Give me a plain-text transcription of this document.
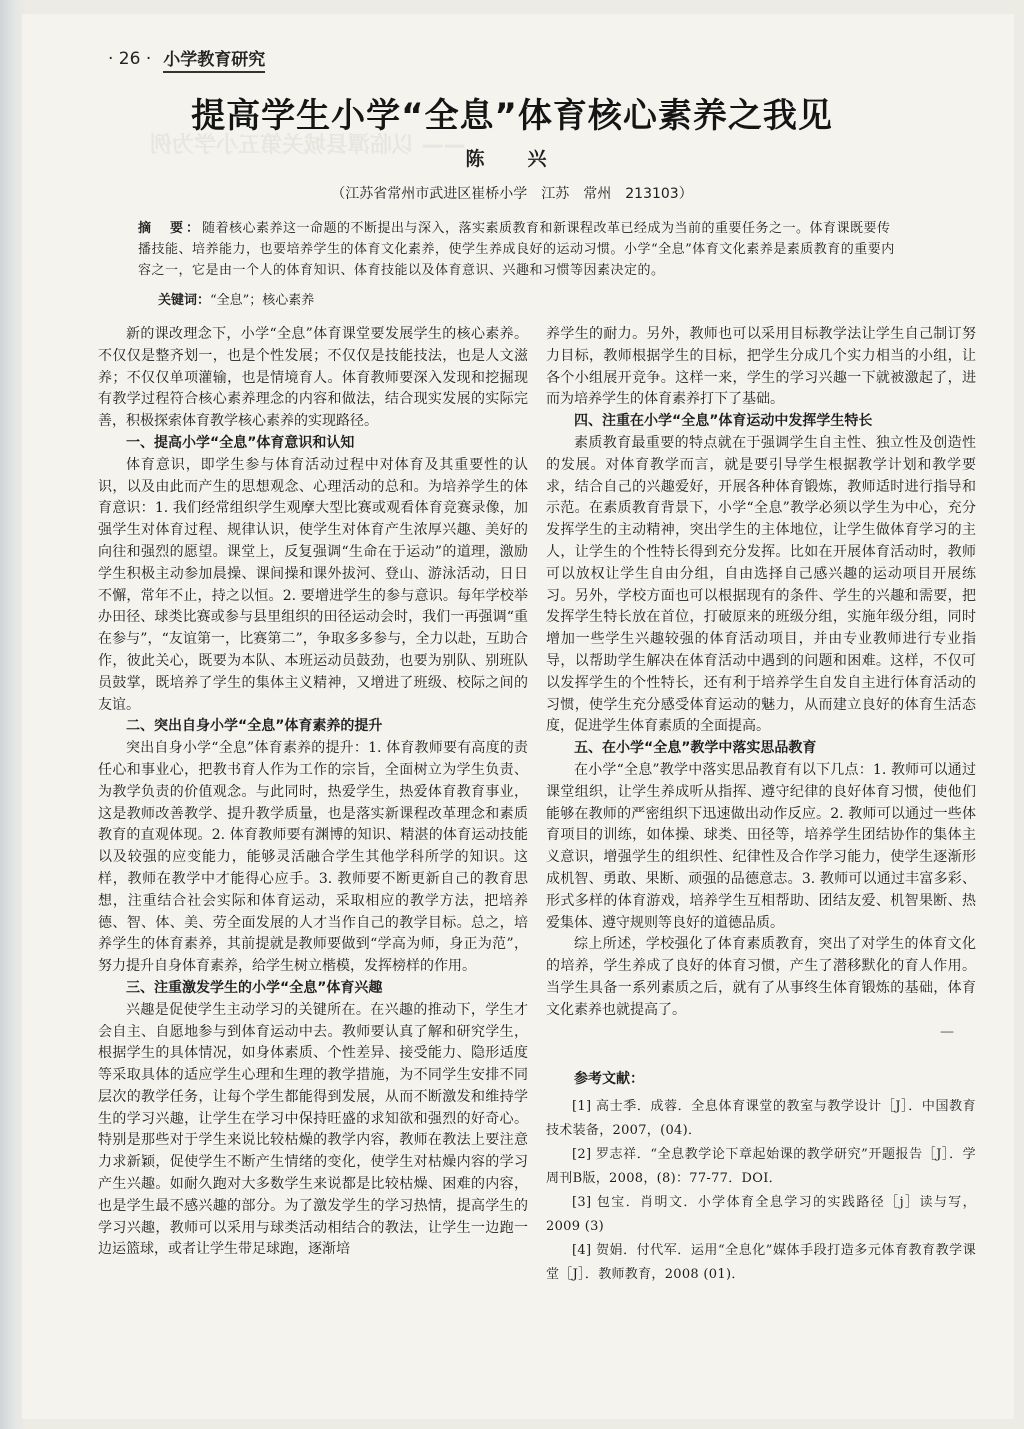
· 26 · 小学教育研究
提高学生小学“全息”体育核心素养之我见
陈　兴
（江苏省常州市武进区崔桥小学　江苏　常州　213103）
摘　要：随着核心素养这一命题的不断提出与深入，落实素质教育和新课程改革已经成为当前的重要任务之一。体育课既要传播技能、培养能力，也要培养学生的体育文化素养，使学生养成良好的运动习惯。小学“全息”体育文化素养是素质教育的重要内容之一，它是由一个人的体育知识、体育技能以及体育意识、兴趣和习惯等因素决定的。
关键词：“全息”；核心素养

新的课改理念下，小学“全息”体育课堂要发展学生的核心素养。不仅仅是整齐划一，也是个性发展；不仅仅是技能技法，也是人文滋养；不仅仅单项灌输，也是情境育人。体育教师要深入发现和挖掘现有教学过程符合核心素养理念的内容和做法，结合现实发展的实际完善，积极探索体育教学核心素养的实现路径。

一、提高小学“全息”体育意识和认知

体育意识，即学生参与体育活动过程中对体育及其重要性的认识，以及由此而产生的思想观念、心理活动的总和。为培养学生的体育意识：1. 我们经常组织学生观摩大型比赛或观看体育竞赛录像，加强学生对体育过程、规律认识，使学生对体育产生浓厚兴趣、美好的向往和强烈的愿望。课堂上，反复强调“生命在于运动”的道理，激励学生积极主动参加晨操、课间操和课外拔河、登山、游泳活动，日日不懈，常年不止，持之以恒。2. 要增进学生的参与意识。每年学校举办田径、球类比赛或参与县里组织的田径运动会时，我们一再强调“重在参与”，“友谊第一，比赛第二”，争取多多参与，全力以赴，互助合作，彼此关心，既要为本队、本班运动员鼓劲，也要为别队、别班队员鼓掌，既培养了学生的集体主义精神，又增进了班级、校际之间的友谊。

二、突出自身小学“全息”体育素养的提升

突出自身小学“全息”体育素养的提升：1. 体育教师要有高度的责任心和事业心，把教书育人作为工作的宗旨，全面树立为学生负责、为教学负责的价值观念。与此同时，热爱学生，热爱体育教育事业，这是教师改善教学、提升教学质量，也是落实新课程改革理念和素质教育的直观体现。2. 体育教师要有渊博的知识、精湛的体育运动技能以及较强的应变能力，能够灵活融合学生其他学科所学的知识。这样，教师在教学中才能得心应手。3. 教师要不断更新自己的教育思想，注重结合社会实际和体育运动，采取相应的教学方法，把培养德、智、体、美、劳全面发展的人才当作自己的教学目标。总之，培养学生的体育素养，其前提就是教师要做到“学高为师，身正为范”，努力提升自身体育素养，给学生树立楷模，发挥榜样的作用。

三、注重激发学生的小学“全息”体育兴趣

兴趣是促使学生主动学习的关键所在。在兴趣的推动下，学生才会自主、自愿地参与到体育运动中去。教师要认真了解和研究学生，根据学生的具体情况，如身体素质、个性差异、接受能力、隐形适度等采取具体的适应学生心理和生理的教学措施，为不同学生安排不同层次的教学任务，让每个学生都能得到发展，从而不断激发和维持学生的学习兴趣，让学生在学习中保持旺盛的求知欲和强烈的好奇心。特别是那些对于学生来说比较枯燥的教学内容，教师在教法上要注意力求新颖，促使学生不断产生情绪的变化，使学生对枯燥内容的学习产生兴趣。如耐久跑对大多数学生来说都是比较枯燥、困难的内容，也是学生最不感兴趣的部分。为了激发学生的学习热情，提高学生的学习兴趣，教师可以采用与球类活动相结合的教法，让学生一边跑一边运篮球，或者让学生带足球跑，逐渐培

养学生的耐力。另外，教师也可以采用目标教学法让学生自己制订努力目标，教师根据学生的目标，把学生分成几个实力相当的小组，让各个小组展开竞争。这样一来，学生的学习兴趣一下就被激起了，进而为培养学生的体育素养打下了基础。

四、注重在小学“全息”体育运动中发挥学生特长

素质教育最重要的特点就在于强调学生自主性、独立性及创造性的发展。对体育教学而言，就是要引导学生根据教学计划和教学要求，结合自己的兴趣爱好，开展各种体育锻炼，教师适时进行指导和示范。在素质教育背景下，小学“全息”教学必须以学生为中心，充分发挥学生的主动精神，突出学生的主体地位，让学生做体育学习的主人，让学生的个性特长得到充分发挥。比如在开展体育活动时，教师可以放权让学生自由分组，自由选择自己感兴趣的运动项目开展练习。另外，学校方面也可以根据现有的条件、学生的兴趣和需要，把发挥学生特长放在首位，打破原来的班级分组，实施年级分组，同时增加一些学生兴趣较强的体育活动项目，并由专业教师进行专业指导，以帮助学生解决在体育活动中遇到的问题和困难。这样，不仅可以发挥学生的个性特长，还有利于培养学生自发自主进行体育活动的习惯，使学生充分感受体育运动的魅力，从而建立良好的体育生活态度，促进学生体育素质的全面提高。

五、在小学“全息”教学中落实思品教育

在小学“全息”教学中落实思品教育有以下几点：1. 教师可以通过课堂组织，让学生养成听从指挥、遵守纪律的良好体育习惯，使他们能够在教师的严密组织下迅速做出动作反应。2. 教师可以通过一些体育项目的训练，如体操、球类、田径等，培养学生团结协作的集体主义意识，增强学生的组织性、纪律性及合作学习能力，使学生逐渐形成机智、勇敢、果断、顽强的品德意志。3. 教师可以通过丰富多彩、形式多样的体育游戏，培养学生互相帮助、团结友爱、机智果断、热爱集体、遵守规则等良好的道德品质。

综上所述，学校强化了体育素质教育，突出了对学生的体育文化的培养，学生养成了良好的体育习惯，产生了潜移默化的育人作用。当学生具备一系列素质之后，就有了从事终生体育锻炼的基础，体育文化素养也就提高了。

—
参考文献：
[1] 高士季．成蓉．全息体育课堂的教室与教学设计［J］．中国教育技术装备，2007，(04)．
[2] 罗志祥．“全息教学论下章起始课的教学研究”开题报告［J］．学周刊B版，2008，(8)：77-77．DOI．
[3] 包宝．肖明文．小学体育全息学习的实践路径［j］读与写，2009 (3)
[4] 贺娟．付代军．运用“全息化”媒体手段打造多元体育教育教学课堂［J］．教师教育，2008 (01)．
